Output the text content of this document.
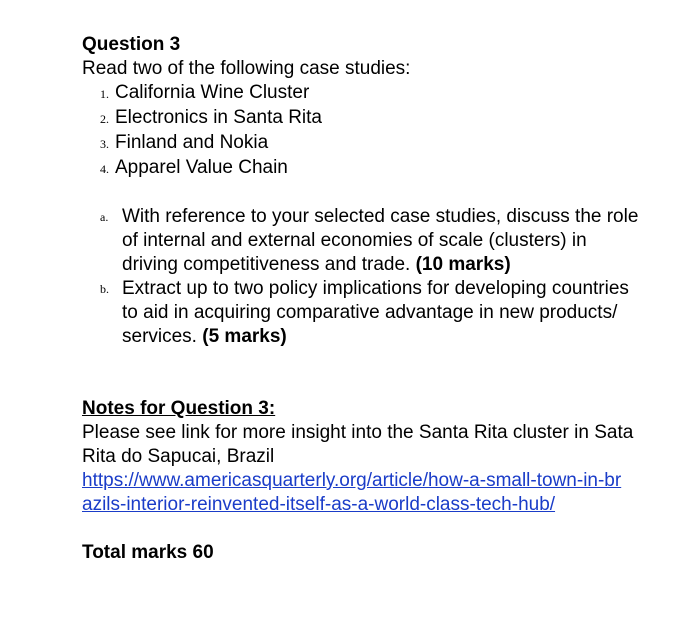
Question 3

Read two of the following case studies:

1. California Wine Cluster
2. Electronics in Santa Rita
3. Finland and Nokia
4. Apparel Value Chain
a. With reference to your selected case studies, discuss the role of internal and external economies of scale (clusters) in driving competitiveness and trade. (10 marks)
b. Extract up to two policy implications for developing countries to aid in acquiring comparative advantage in new products/ services. (5 marks)

Notes for Question 3:

Please see link for more insight into the Santa Rita cluster in Sata Rita do Sapucai, Brazil

https://www.americasquarterly.org/article/how-a-small-town-in-brazils-interior-reinvented-itself-as-a-world-class-tech-hub/

Total marks 60
